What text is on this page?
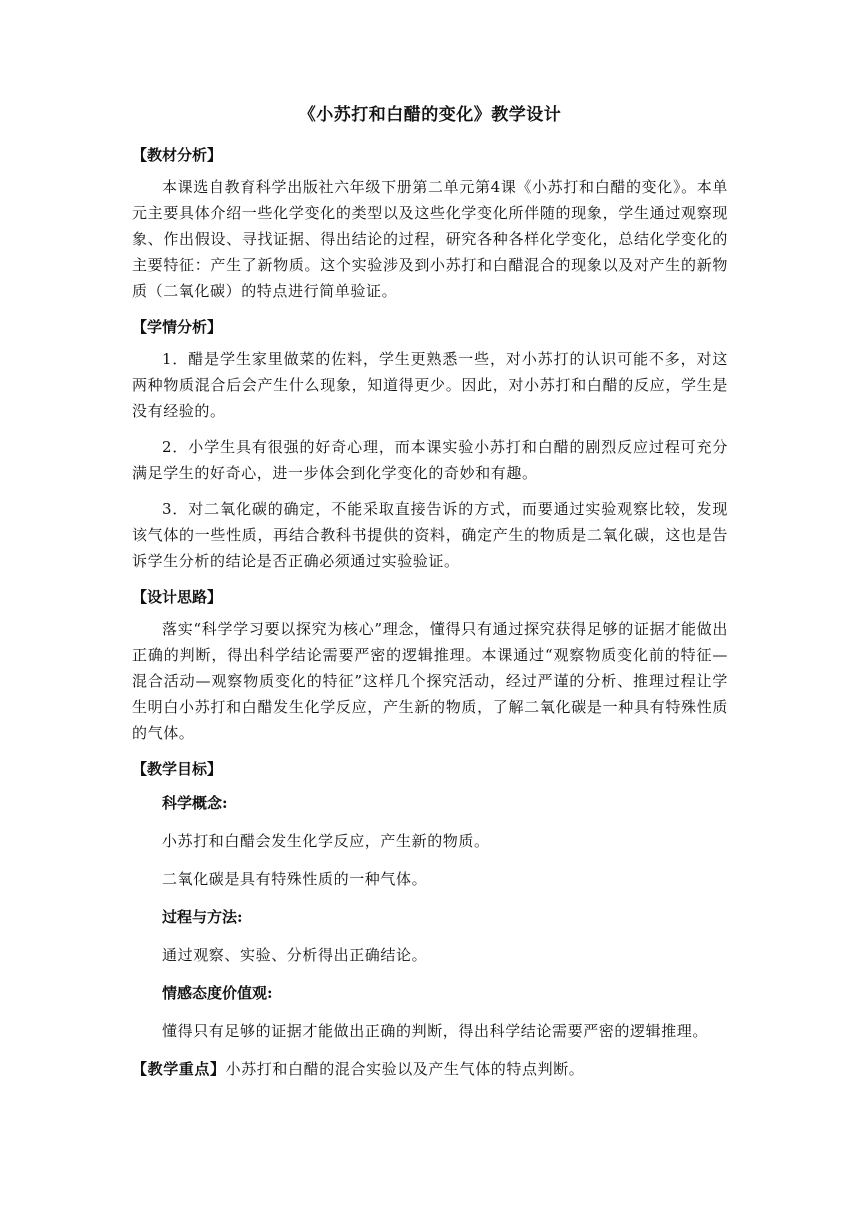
《小苏打和白醋的变化》教学设计
【教材分析】

本课选自教育科学出版社六年级下册第二单元第4课《小苏打和白醋的变化》。本单元主要具体介绍一些化学变化的类型以及这些化学变化所伴随的现象，学生通过观察现象、作出假设、寻找证据、得出结论的过程，研究各种各样化学变化，总结化学变化的主要特征：产生了新物质。这个实验涉及到小苏打和白醋混合的现象以及对产生的新物质（二氧化碳）的特点进行简单验证。

【学情分析】

1．醋是学生家里做菜的佐料，学生更熟悉一些，对小苏打的认识可能不多，对这两种物质混合后会产生什么现象，知道得更少。因此，对小苏打和白醋的反应，学生是没有经验的。

2．小学生具有很强的好奇心理，而本课实验小苏打和白醋的剧烈反应过程可充分满足学生的好奇心，进一步体会到化学变化的奇妙和有趣。

3．对二氧化碳的确定，不能采取直接告诉的方式，而要通过实验观察比较，发现该气体的一些性质，再结合教科书提供的资料，确定产生的物质是二氧化碳，这也是告诉学生分析的结论是否正确必须通过实验验证。

【设计思路】

落实“科学学习要以探究为核心”理念，懂得只有通过探究获得足够的证据才能做出正确的判断，得出科学结论需要严密的逻辑推理。本课通过“观察物质变化前的特征—混合活动—观察物质变化的特征”这样几个探究活动，经过严谨的分析、推理过程让学生明白小苏打和白醋发生化学反应，产生新的物质，了解二氧化碳是一种具有特殊性质的气体。

【教学目标】
科学概念:
小苏打和白醋会发生化学反应，产生新的物质。
二氧化碳是具有特殊性质的一种气体。
过程与方法:
通过观察、实验、分析得出正确结论。
情感态度价值观:

懂得只有足够的证据才能做出正确的判断，得出科学结论需要严密的逻辑推理。

【教学重点】小苏打和白醋的混合实验以及产生气体的特点判断。
